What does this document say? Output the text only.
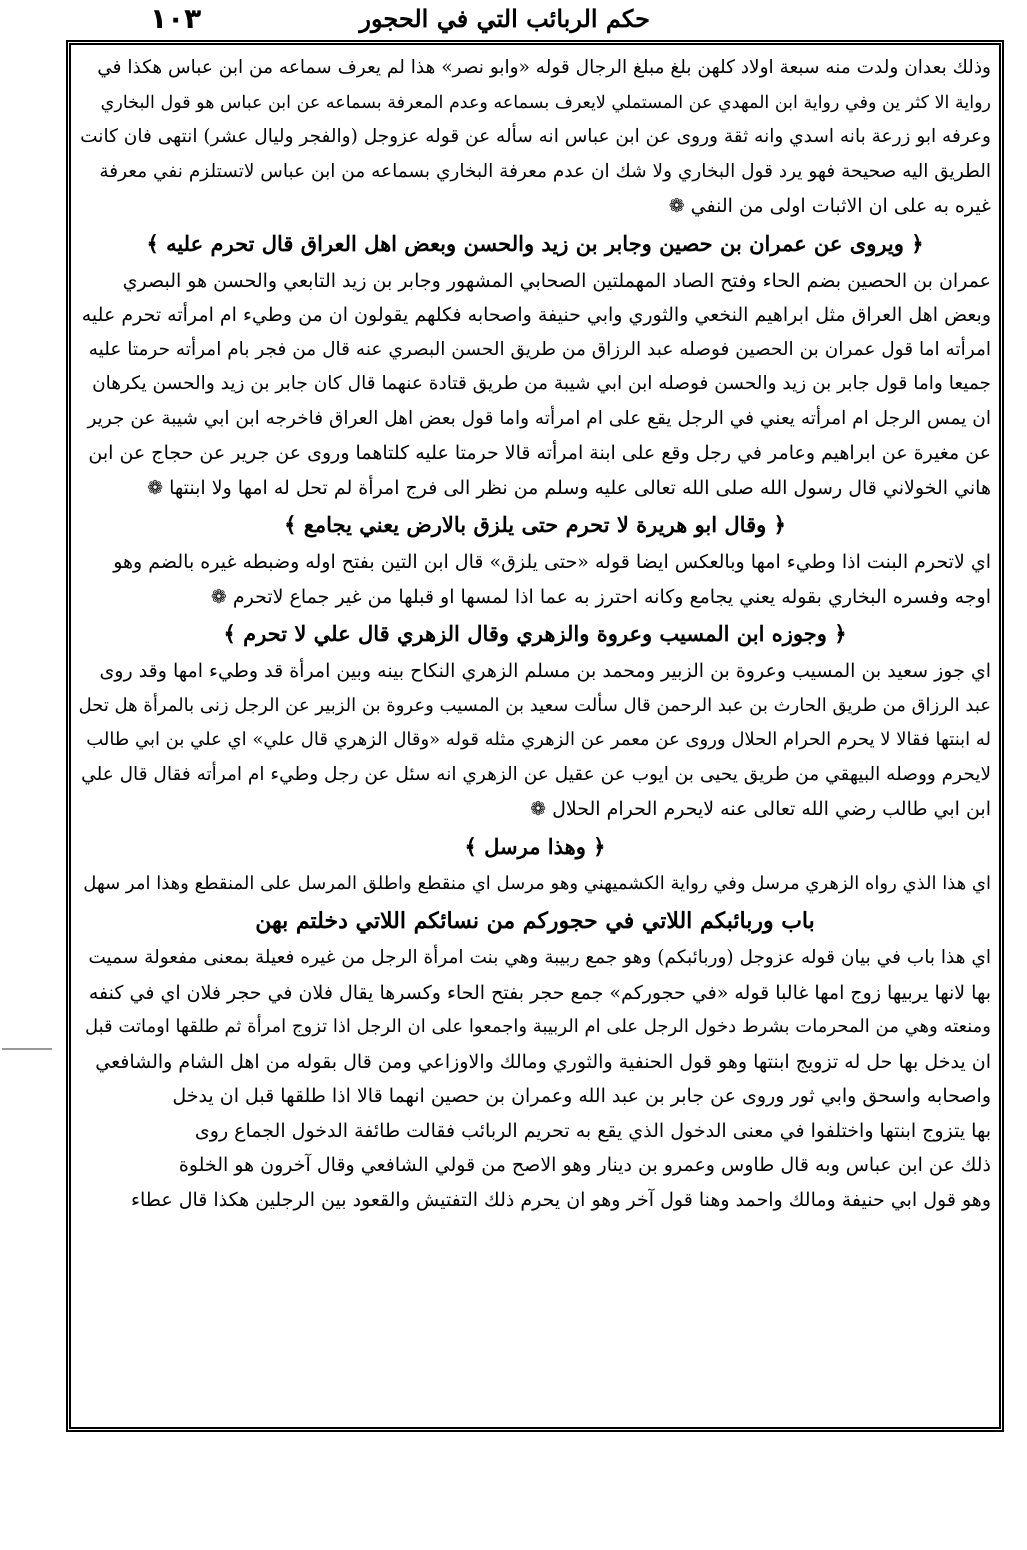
١٠٣	حكم الربائب التي في الحجور
وذلك بعدان ولدت منه سبعة اولاد كلهن بلغ مبلغ الرجال قوله «وابو نصر» هذا لم يعرف سماعه من ابن عباس هكذا في
رواية الا كثر ين وفي رواية ابن المهدي عن المستملي لايعرف بسماعه وعدم المعرفة بسماعه عن ابن عباس هو قول البخاري
وعرفه ابو زرعة بانه اسدي وانه ثقة وروى عن ابن عباس انه سأله عن قوله عزوجل (والفجر وليال عشر) انتهى فان كانت
الطريق اليه صحيحة فهو يرد قول البخاري ولا شك ان عدم معرفة البخاري بسماعه من ابن عباس لاتستلزم نفي معرفة
غيره به على ان الاثبات اولى من النفي ❁
﴿ ويروى عن عمران بن حصين وجابر بن زيد والحسن وبعض اهل العراق قال تحرم عليه ﴾
عمران بن الحصين بضم الحاء وفتح الصاد المهملتين الصحابي المشهور وجابر بن زيد التابعي والحسن هو البصري
وبعض اهل العراق مثل ابراهيم النخعي والثوري وابي حنيفة واصحابه فكلهم يقولون ان من وطيء ام امرأته تحرم عليه
امرأته اما قول عمران بن الحصين فوصله عبد الرزاق من طريق الحسن البصري عنه قال من فجر بام امرأته حرمتا عليه
جميعا واما قول جابر بن زيد والحسن فوصله ابن ابي شيبة من طريق قتادة عنهما قال كان جابر بن زيد والحسن يكرهان
ان يمس الرجل ام امرأته يعني في الرجل يقع على ام امرأته واما قول بعض اهل العراق فاخرجه ابن ابي شيبة عن جرير
عن مغيرة عن ابراهيم وعامر في رجل وقع على ابنة امرأته قالا حرمتا عليه كلتاهما وروى عن جرير عن حجاج عن ابن
هاني الخولاني قال رسول الله صلى الله تعالى عليه وسلم من نظر الى فرج امرأة لم تحل له امها ولا ابنتها ❁
﴿ وقال ابو هريرة لا تحرم حتى يلزق بالارض يعني يجامع ﴾
اي لاتحرم البنت اذا وطيء امها وبالعكس ايضا قوله «حتى يلزق» قال ابن التين بفتح اوله وضبطه غيره بالضم وهو
اوجه وفسره البخاري بقوله يعني يجامع وكانه احترز به عما اذا لمسها او قبلها من غير جماع لاتحرم ❁
﴿ وجوزه ابن المسيب وعروة والزهري وقال الزهري قال علي لا تحرم ﴾
اي جوز سعيد بن المسيب وعروة بن الزبير ومحمد بن مسلم الزهري النكاح بينه وبين امرأة قد وطيء امها وقد روى
عبد الرزاق من طريق الحارث بن عبد الرحمن قال سألت سعيد بن المسيب وعروة بن الزبير عن الرجل زنى بالمرأة هل تحل
له ابنتها فقالا لا يحرم الحرام الحلال وروى عن معمر عن الزهري مثله قوله «وقال الزهري قال علي» اي علي بن ابي طالب
لايحرم ووصله البيهقي من طريق يحيى بن ايوب عن عقيل عن الزهري انه سئل عن رجل وطيء ام امرأته فقال قال علي
ابن ابي طالب رضي الله تعالى عنه لايحرم الحرام الحلال ❁
﴿ وهذا مرسل ﴾
اي هذا الذي رواه الزهري مرسل وفي رواية الكشميهني وهو مرسل اي منقطع واطلق المرسل على المنقطع وهذا امر سهل
باب وربائبكم اللاتي في حجوركم من نسائكم اللاتي دخلتم بهن
اي هذا باب في بيان قوله عزوجل (وربائبكم) وهو جمع ربيبة وهي بنت امرأة الرجل من غيره فعيلة بمعنى مفعولة سميت
بها لانها يربيها زوج امها غالبا قوله «في حجوركم» جمع حجر بفتح الحاء وكسرها يقال فلان في حجر فلان اي في كنفه
ومنعته وهي من المحرمات بشرط دخول الرجل على ام الربيبة واجمعوا على ان الرجل اذا تزوج امرأة ثم طلقها اوماتت قبل
ان يدخل بها حل له تزويج ابنتها وهو قول الحنفية والثوري ومالك والاوزاعي ومن قال بقوله من اهل الشام والشافعي
واصحابه واسحق وابي ثور وروى عن جابر بن عبد الله وعمران بن حصين انهما قالا اذا طلقها قبل ان يدخل
بها يتزوج ابنتها واختلفوا في معنى الدخول الذي يقع به تحريم الربائب فقالت طائفة الدخول الجماع روى
ذلك عن ابن عباس وبه قال طاوس وعمرو بن دينار وهو الاصح من قولي الشافعي وقال آخرون هو الخلوة
وهو قول ابي حنيفة ومالك واحمد وهنا قول آخر وهو ان يحرم ذلك التفتيش والقعود بين الرجلين هكذا قال عطاء
